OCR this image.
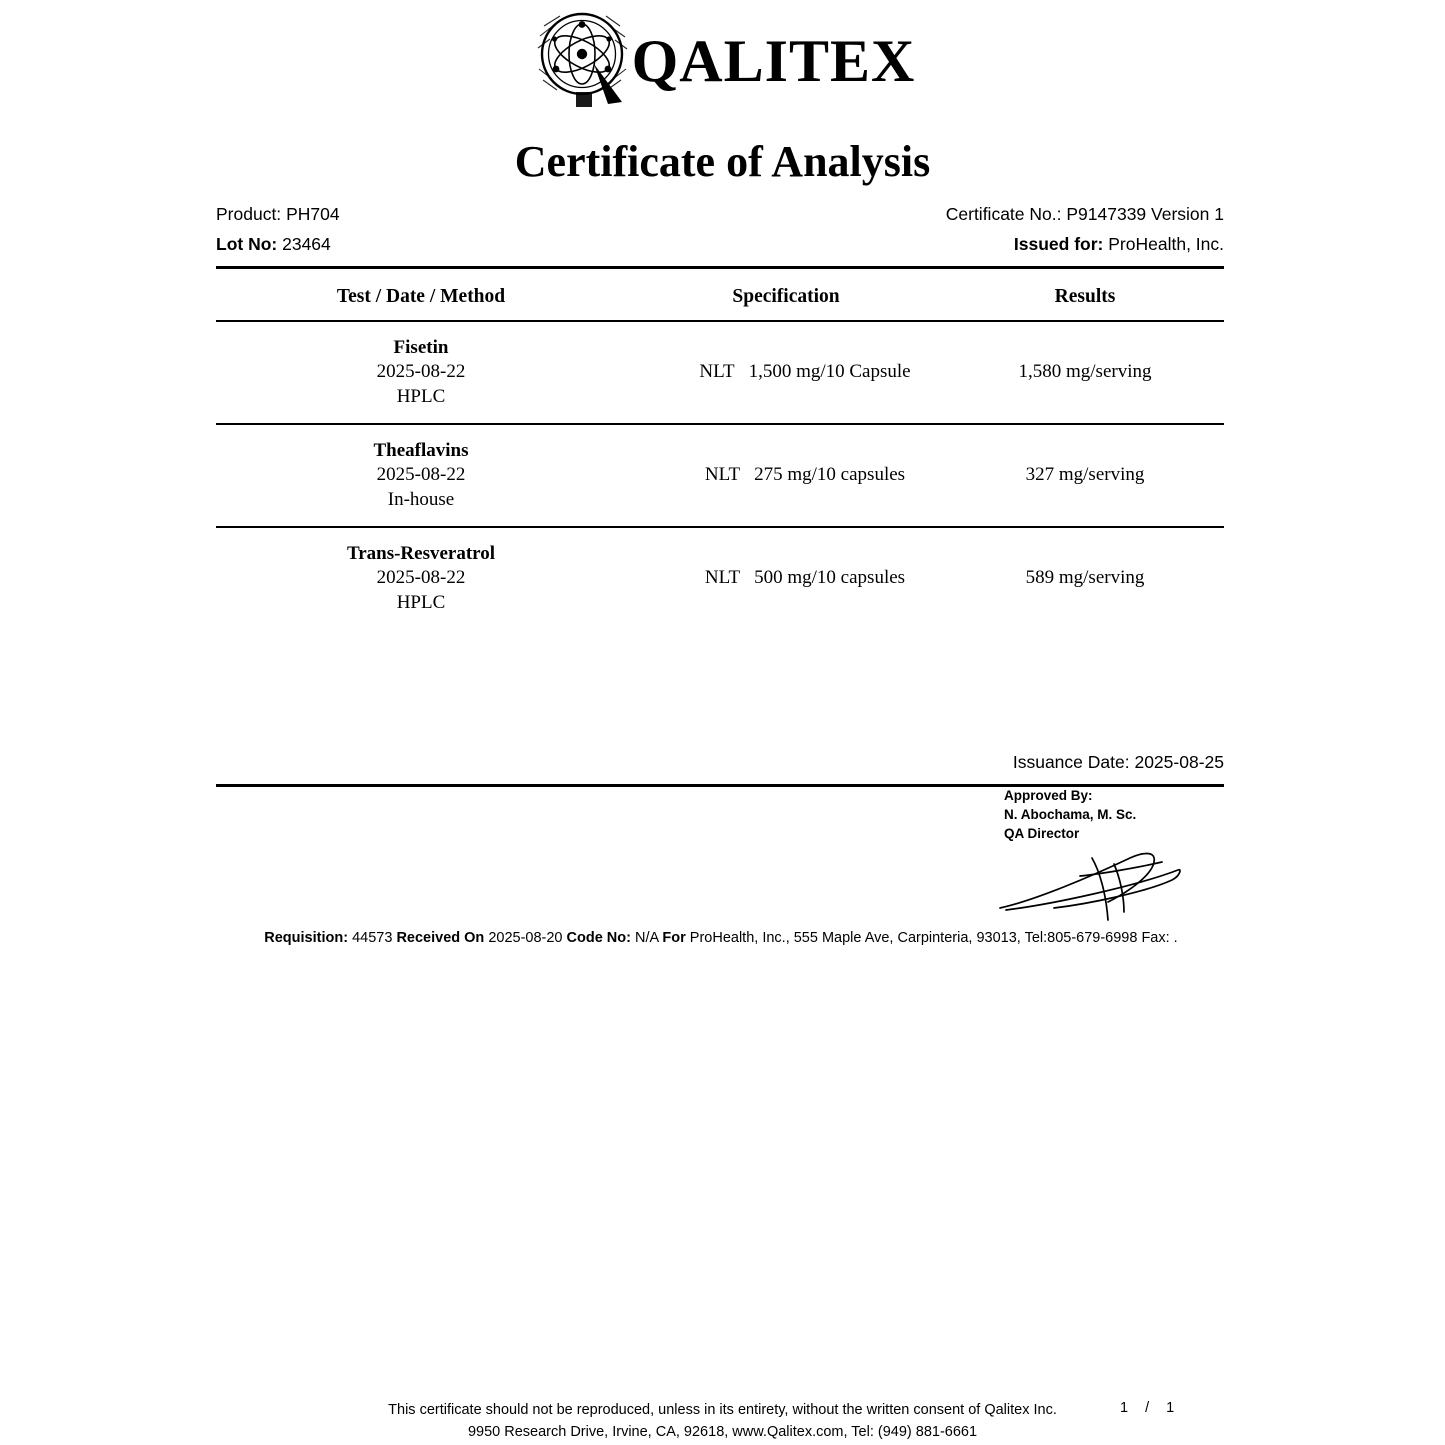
QALITEX
Certificate of Analysis
Product: PH704	Certificate No.: P9147339 Version 1
Lot No: 23464	Issued for: ProHealth, Inc.
Test / Date / Method	Specification	Results

Fisetin
2025-08-22
HPLC	NLT 1,500 mg/10 Capsule	1,580 mg/serving

Theaflavins
2025-08-22
In-house	NLT 275 mg/10 capsules	327 mg/serving

Trans-Resveratrol
2025-08-22
HPLC	NLT 500 mg/10 capsules	589 mg/serving
Issuance Date: 2025-08-25
Approved By:
N. Abochama, M. Sc.
QA Director
Requisition: 44573 Received On 2025-08-20 Code No: N/A For ProHealth, Inc., 555 Maple Ave, Carpinteria, 93013, Tel:805-679-6998 Fax: .
This certificate should not be reproduced, unless in its entirety, without the written consent of Qalitex Inc.
9950 Research Drive, Irvine, CA, 92618, www.Qalitex.com, Tel: (949) 881-6661
1 / 1
